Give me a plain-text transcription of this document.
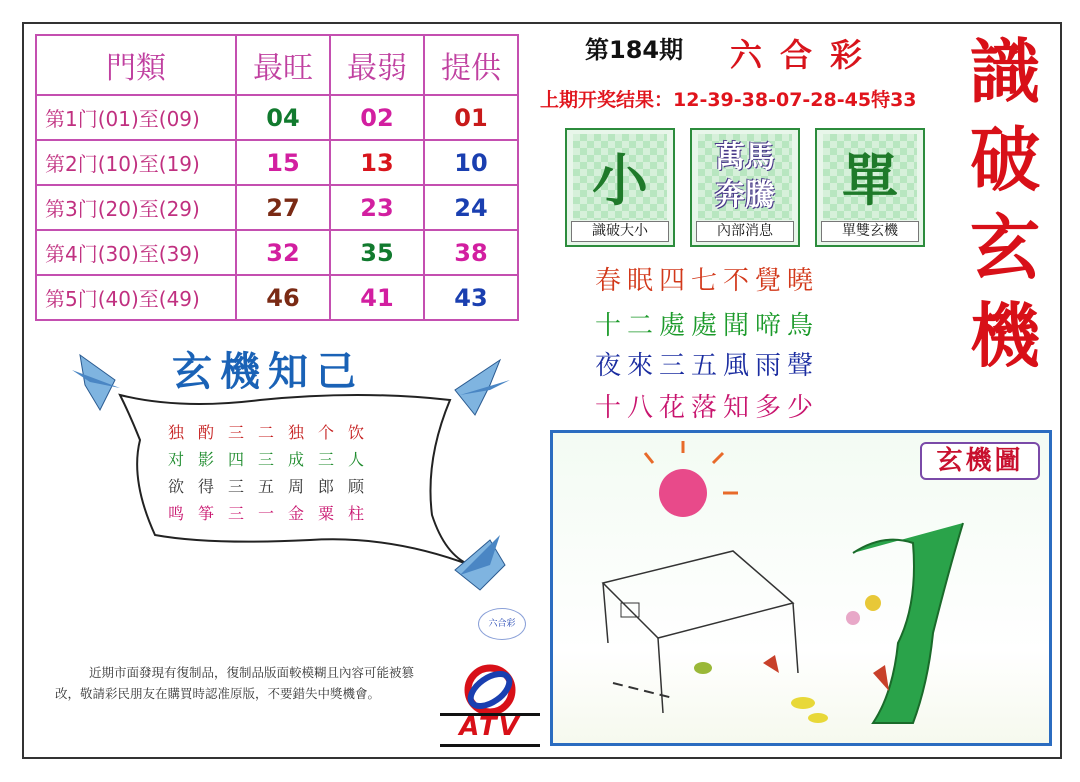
門類	最旺	最弱	提供
第1门(01)至(09)	04	02	01
第2门(10)至(19)	15	13	10
第3门(20)至(29)	27	23	24
第4门(30)至(39)	32	35	38
第5门(40)至(49)	46	41	43
第184期 六合彩
上期开奖结果：12-39-38-07-28-45特33 識
破
玄
機
小
識破大小
萬馬奔騰
內部消息
單
單雙玄機
春眠四七不覺曉
十二處處聞啼鳥
夜來三五風雨聲
十八花落知多少
玄機知己
独酌三二独个饮
对影四三成三人
欲得三五周郎顾
鸣筝三一金粟柱
六合彩
近期市面發現有復制品，復制品版面較模糊且內容可能被篡
改，敬請彩民朋友在購買時認准原版，不要錯失中獎機會。
ATV
玄機圖
